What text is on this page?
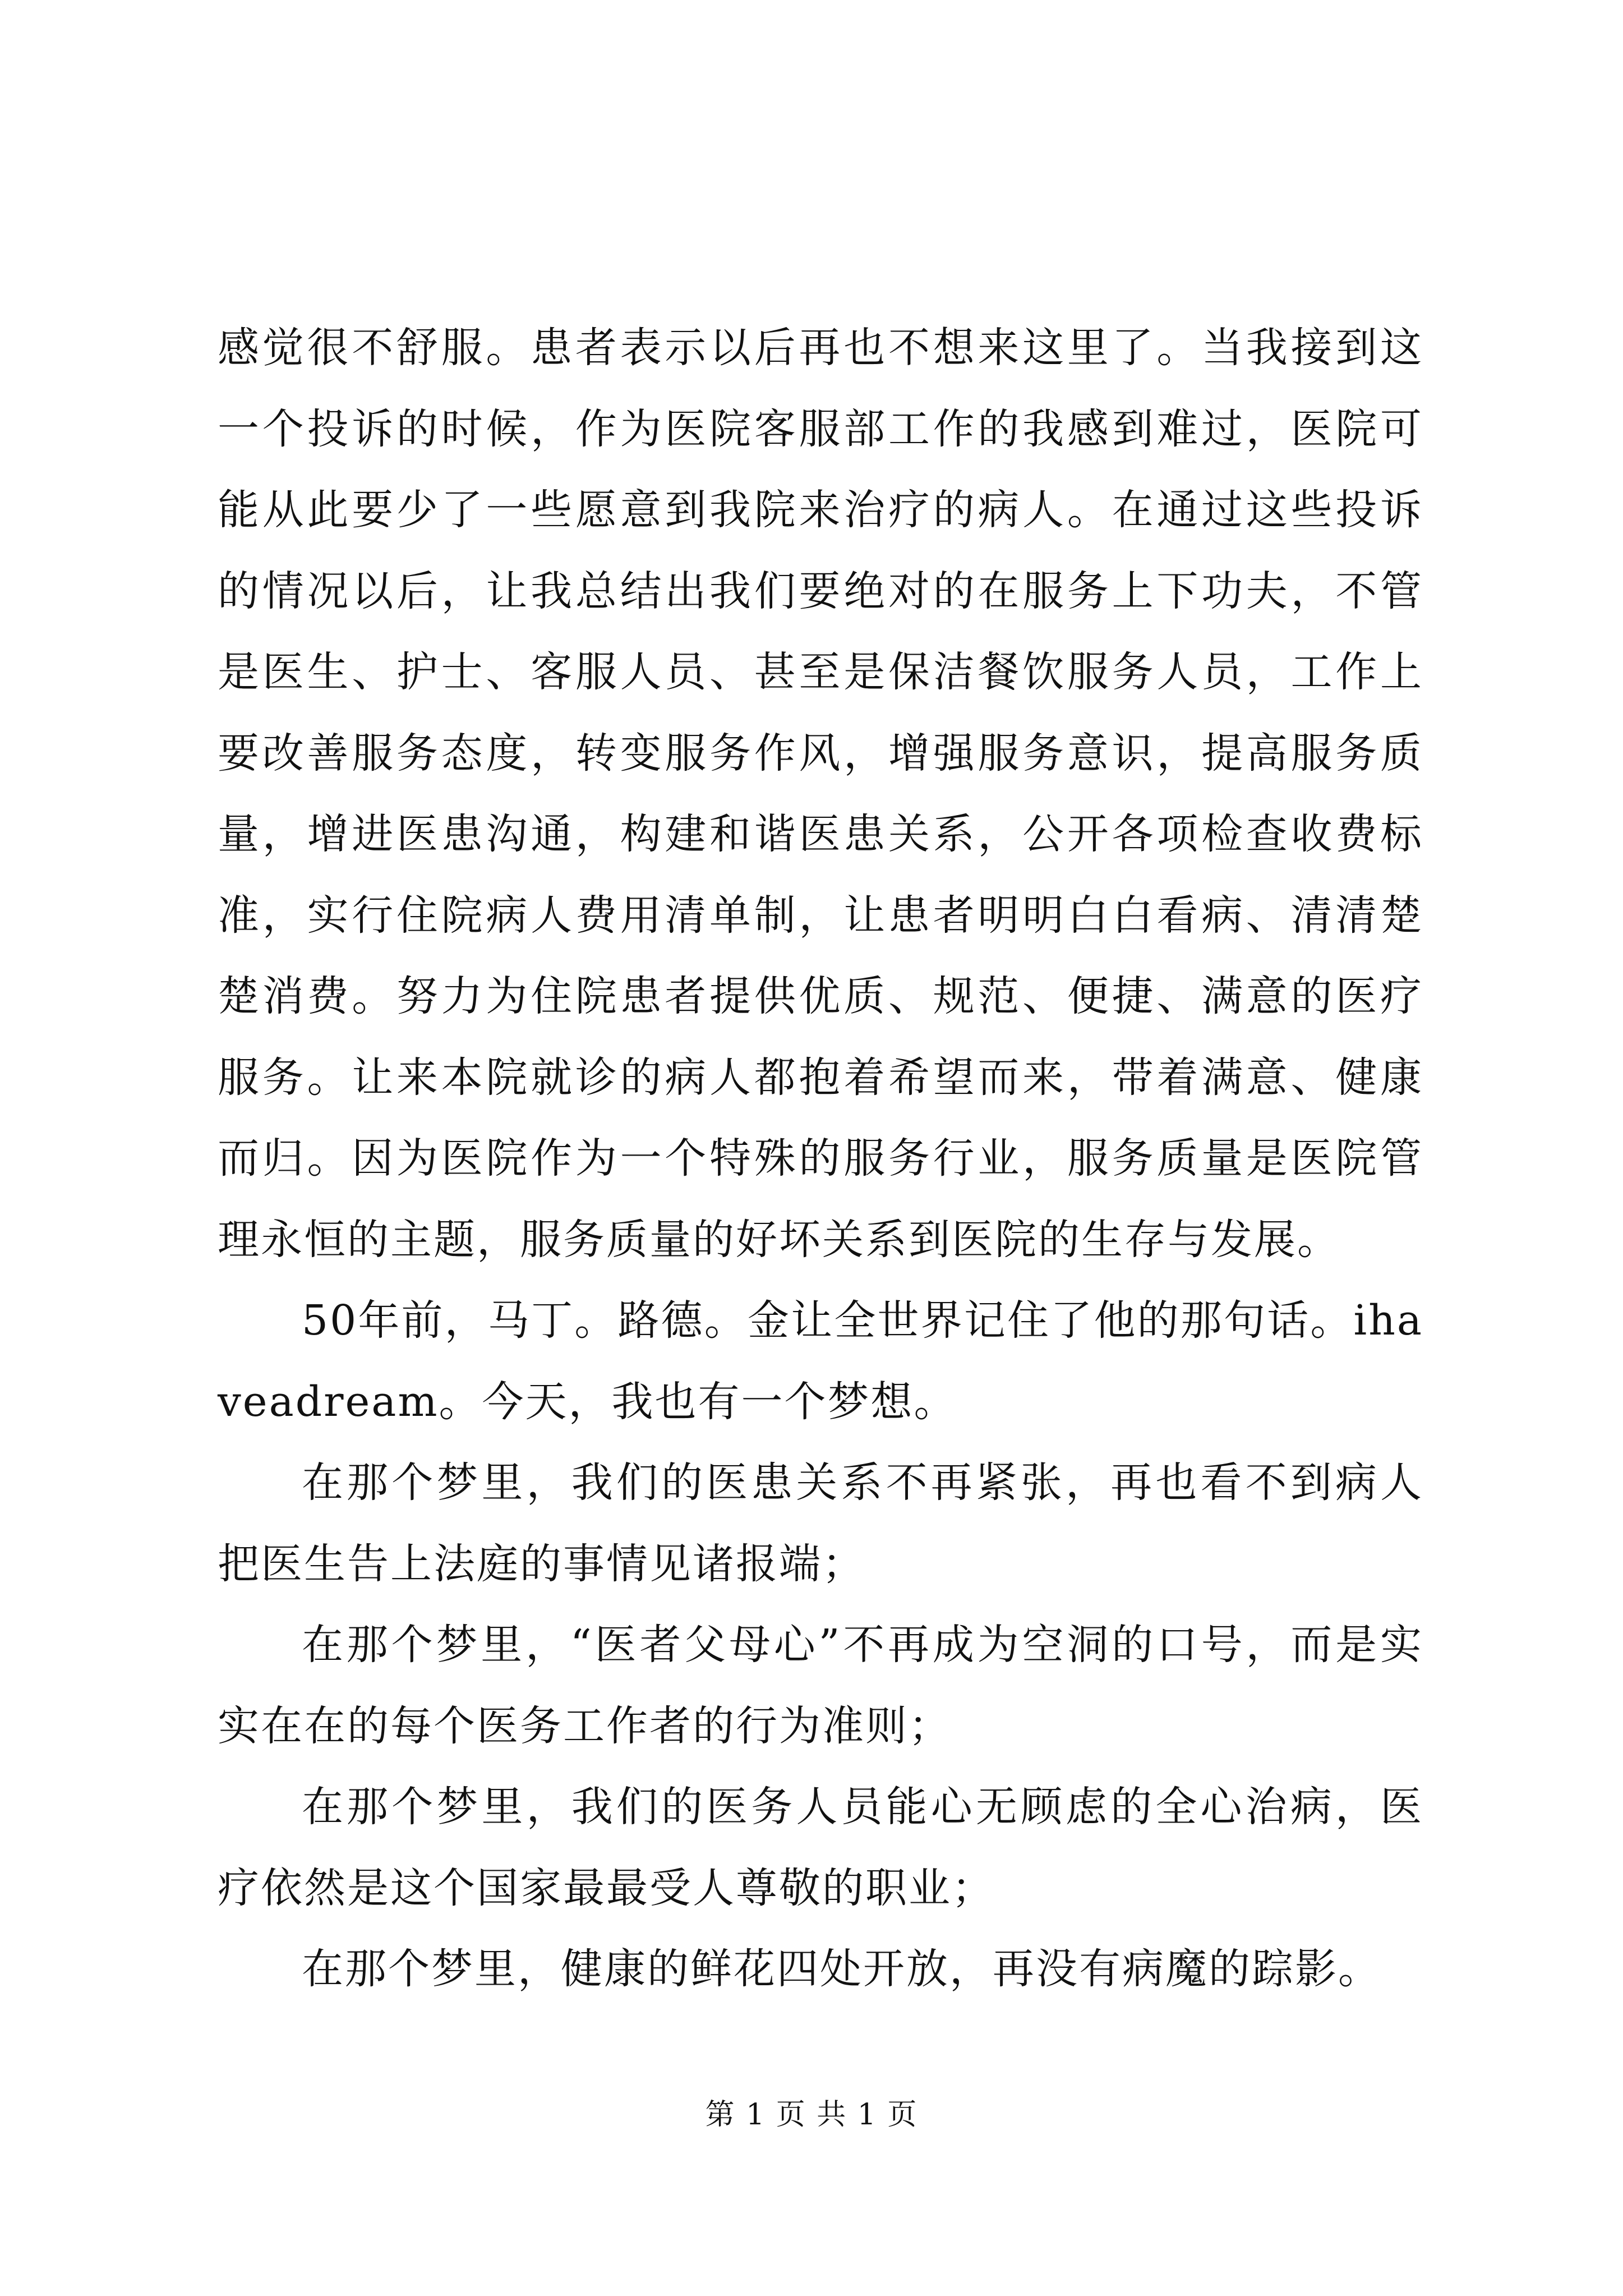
感觉很不舒服。患者表示以后再也不想来这里了。当我接到这一个投诉的时候，作为医院客服部工作的我感到难过，医院可能从此要少了一些愿意到我院来治疗的病人。在通过这些投诉的情况以后，让我总结出我们要绝对的在服务上下功夫，不管是医生、护士、客服人员、甚至是保洁餐饮服务人员，工作上要改善服务态度，转变服务作风，增强服务意识，提高服务质量，增进医患沟通，构建和谐医患关系，公开各项检查收费标准，实行住院病人费用清单制，让患者明明白白看病、清清楚楚消费。努力为住院患者提供优质、规范、便捷、满意的医疗服务。让来本院就诊的病人都抱着希望而来，带着满意、健康而归。因为医院作为一个特殊的服务行业，服务质量是医院管理永恒的主题，服务质量的好坏关系到医院的生存与发展。

50年前，马丁。路德。金让全世界记住了他的那句话。ihaveadream。今天，我也有一个梦想。

在那个梦里，我们的医患关系不再紧张，再也看不到病人把医生告上法庭的事情见诸报端；

在那个梦里，“医者父母心”不再成为空洞的口号，而是实实在在的每个医务工作者的行为准则；

在那个梦里，我们的医务人员能心无顾虑的全心治病，医疗依然是这个国家最最受人尊敬的职业；

在那个梦里，健康的鲜花四处开放，再没有病魔的踪影。

第 1 页 共 1 页
